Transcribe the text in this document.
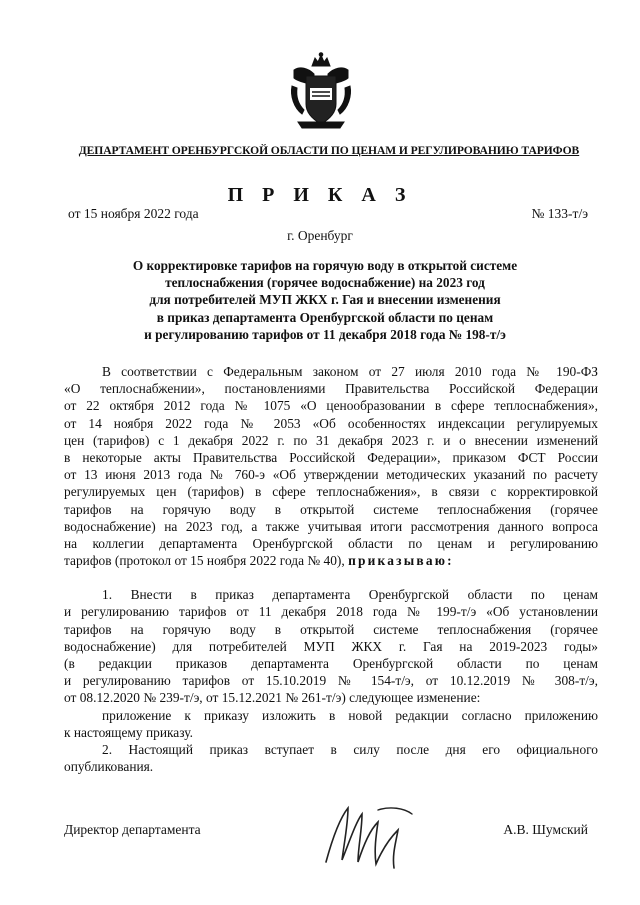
ДЕПАРТАМЕНТ ОРЕНБУРГСКОЙ ОБЛАСТИ ПО ЦЕНАМ И РЕГУЛИРОВАНИЮ ТАРИФОВ
П Р И К А З
от 15 ноября 2022 года	№ 133-т/э
г. Оренбург
О корректировке тарифов на горячую воду в открытой системе
теплоснабжения (горячее водоснабжение) на 2023 год
для потребителей МУП ЖКХ г. Гая и внесении изменения
в приказ департамента Оренбургской области по ценам
и регулированию тарифов от 11 декабря 2018 года № 198-т/э
В соответствии с Федеральным законом от 27 июля 2010 года № 190-ФЗ
«О теплоснабжении», постановлениями Правительства Российской Федерации
от 22 октября 2012 года № 1075 «О ценообразовании в сфере теплоснабжения»,
от 14 ноября 2022 года № 2053 «Об особенностях индексации регулируемых
цен (тарифов) с 1 декабря 2022 г. по 31 декабря 2023 г. и о внесении изменений
в некоторые акты Правительства Российской Федерации», приказом ФСТ России
от 13 июня 2013 года № 760-э «Об утверждении методических указаний по расчету
регулируемых цен (тарифов) в сфере теплоснабжения», в связи с корректировкой
тарифов на горячую воду в открытой системе теплоснабжения (горячее
водоснабжение) на 2023 год, а также учитывая итоги рассмотрения данного вопроса
на коллегии департамента Оренбургской области по ценам и регулированию
тарифов (протокол от 15 ноября 2022 года № 40), приказываю:
1. Внести в приказ департамента Оренбургской области по ценам
и регулированию тарифов от 11 декабря 2018 года № 199-т/э «Об установлении
тарифов на горячую воду в открытой системе теплоснабжения (горячее
водоснабжение) для потребителей МУП ЖКХ г. Гая на 2019-2023 годы»
(в редакции приказов департамента Оренбургской области по ценам
и регулированию тарифов от 15.10.2019 № 154-т/э, от 10.12.2019 № 308-т/э,
от 08.12.2020 № 239-т/э, от 15.12.2021 № 261-т/э) следующее изменение:
приложение к приказу изложить в новой редакции согласно приложению
к настоящему приказу.
2. Настоящий приказ вступает в силу после дня его официального
опубликования.
Директор департамента	А.В. Шумский
